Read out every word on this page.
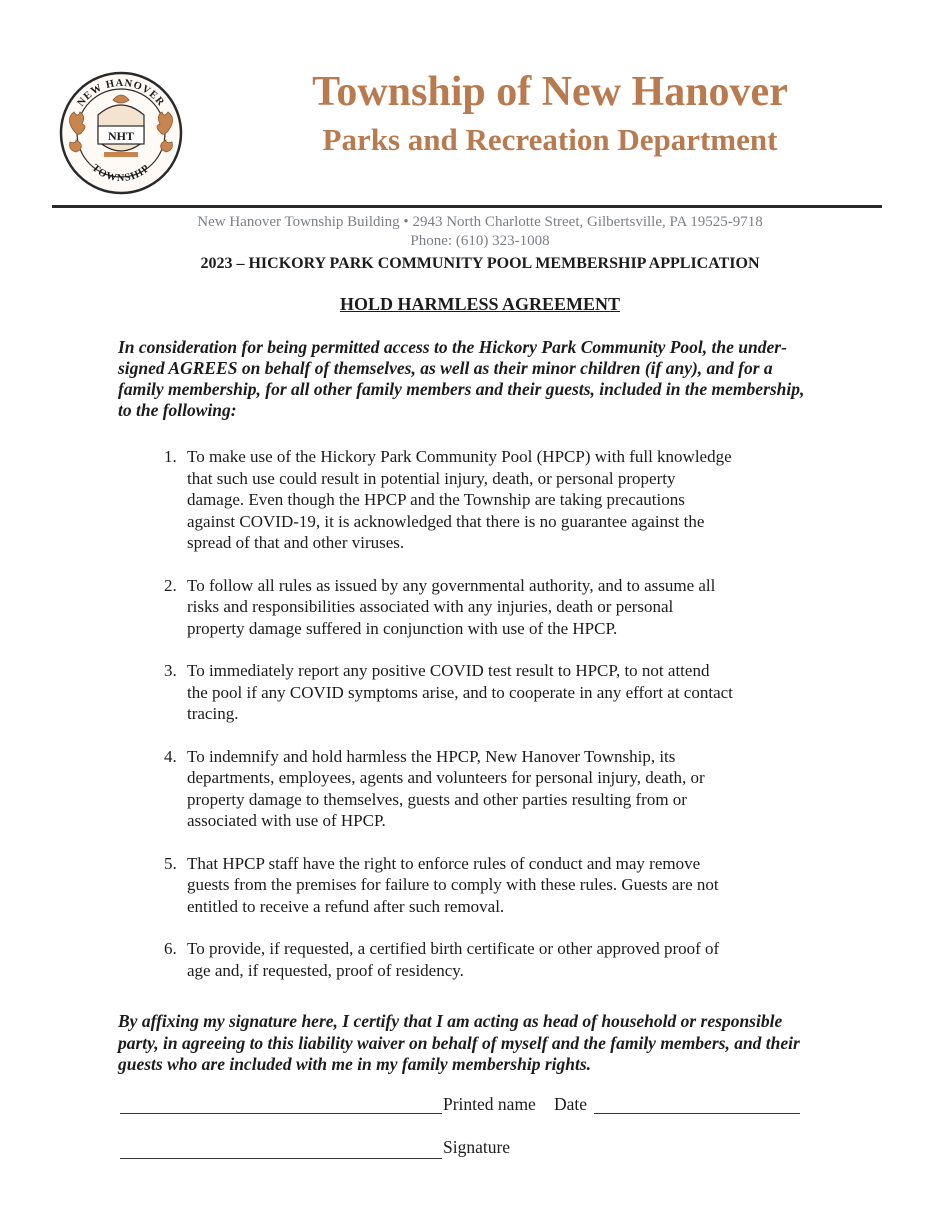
NHT
NEW HANOVER
TOWNSHIP
Township of New Hanover
Parks and Recreation Department
New Hanover Township Building • 2943 North Charlotte Street, Gilbertsville, PA 19525-9718
Phone: (610) 323-1008
2023 – HICKORY PARK COMMUNITY POOL MEMBERSHIP APPLICATION
HOLD HARMLESS AGREEMENT
In consideration for being permitted access to the Hickory Park Community Pool, the under- signed AGREES on behalf of themselves, as well as their minor children (if any), and for a family membership, for all other family members and their guests, included in the membership, to the following:
1. To make use of the Hickory Park Community Pool (HPCP) with full knowledge that such use could result in potential injury, death, or personal property damage. Even though the HPCP and the Township are taking precautions against COVID-19, it is acknowledged that there is no guarantee against the spread of that and other viruses.
2. To follow all rules as issued by any governmental authority, and to assume all risks and responsibilities associated with any injuries, death or personal property damage suffered in conjunction with use of the HPCP.
3. To immediately report any positive COVID test result to HPCP, to not attend the pool if any COVID symptoms arise, and to cooperate in any effort at contact tracing.
4. To indemnify and hold harmless the HPCP, New Hanover Township, its departments, employees, agents and volunteers for personal injury, death, or property damage to themselves, guests and other parties resulting from or associated with use of HPCP.
5. That HPCP staff have the right to enforce rules of conduct and may remove guests from the premises for failure to comply with these rules. Guests are not entitled to receive a refund after such removal.
6. To provide, if requested, a certified birth certificate or other approved proof of age and, if requested, proof of residency.
By affixing my signature here, I certify that I am acting as head of household or responsible party, in agreeing to this liability waiver on behalf of myself and the family members, and their guests who are included with me in my family membership rights.
Printed name Date
Signature
